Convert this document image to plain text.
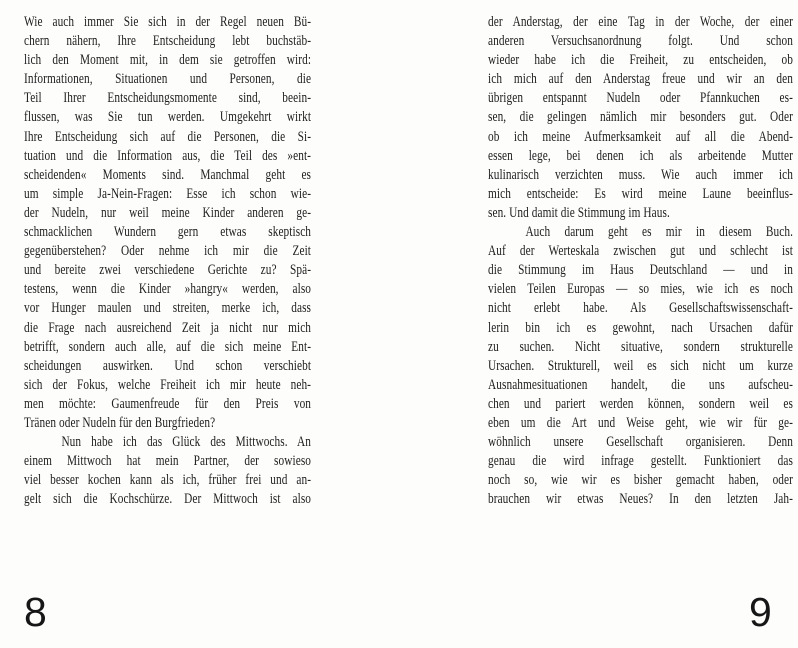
Wie auch immer Sie sich in der Regel neuen Bü-
chern nähern, Ihre Entscheidung lebt buchstäb-
lich den Moment mit, in dem sie getroffen wird:
Informationen, Situationen und Personen, die
Teil Ihrer Entscheidungsmomente sind, beein-
flussen, was Sie tun werden. Umgekehrt wirkt
Ihre Entscheidung sich auf die Personen, die Si-
tuation und die Information aus, die Teil des »ent-
scheidenden« Moments sind. Manchmal geht es
um simple Ja-Nein-Fragen: Esse ich schon wie-
der Nudeln, nur weil meine Kinder anderen ge-
schmacklichen Wundern gern etwas skeptisch
gegenüberstehen? Oder nehme ich mir die Zeit
und bereite zwei verschiedene Gerichte zu? Spä-
testens, wenn die Kinder »hangry« werden, also
vor Hunger maulen und streiten, merke ich, dass
die Frage nach ausreichend Zeit ja nicht nur mich
betrifft, sondern auch alle, auf die sich meine Ent-
scheidungen auswirken. Und schon verschiebt
sich der Fokus, welche Freiheit ich mir heute neh-
men möchte: Gaumenfreude für den Preis von
Tränen oder Nudeln für den Burgfrieden?
Nun habe ich das Glück des Mittwochs. An
einem Mittwoch hat mein Partner, der sowieso
viel besser kochen kann als ich, früher frei und an-
gelt sich die Kochschürze. Der Mittwoch ist also
der Anderstag, der eine Tag in der Woche, der einer
anderen Versuchsanordnung folgt. Und schon
wieder habe ich die Freiheit, zu entscheiden, ob
ich mich auf den Anderstag freue und wir an den
übrigen entspannt Nudeln oder Pfannkuchen es-
sen, die gelingen nämlich mir besonders gut. Oder
ob ich meine Aufmerksamkeit auf all die Abend-
essen lege, bei denen ich als arbeitende Mutter
kulinarisch verzichten muss. Wie auch immer ich
mich entscheide: Es wird meine Laune beeinflus-
sen. Und damit die Stimmung im Haus.
Auch darum geht es mir in diesem Buch.
Auf der Werteskala zwischen gut und schlecht ist
die Stimmung im Haus Deutschland — und in
vielen Teilen Europas — so mies, wie ich es noch
nicht erlebt habe. Als Gesellschaftswissenschaft-
lerin bin ich es gewohnt, nach Ursachen dafür
zu suchen. Nicht situative, sondern strukturelle
Ursachen. Strukturell, weil es sich nicht um kurze
Ausnahmesituationen handelt, die uns aufscheu-
chen und pariert werden können, sondern weil es
eben um die Art und Weise geht, wie wir für ge-
wöhnlich unsere Gesellschaft organisieren. Denn
genau die wird infrage gestellt. Funktioniert das
noch so, wie wir es bisher gemacht haben, oder
brauchen wir etwas Neues? In den letzten Jah-
8	9
